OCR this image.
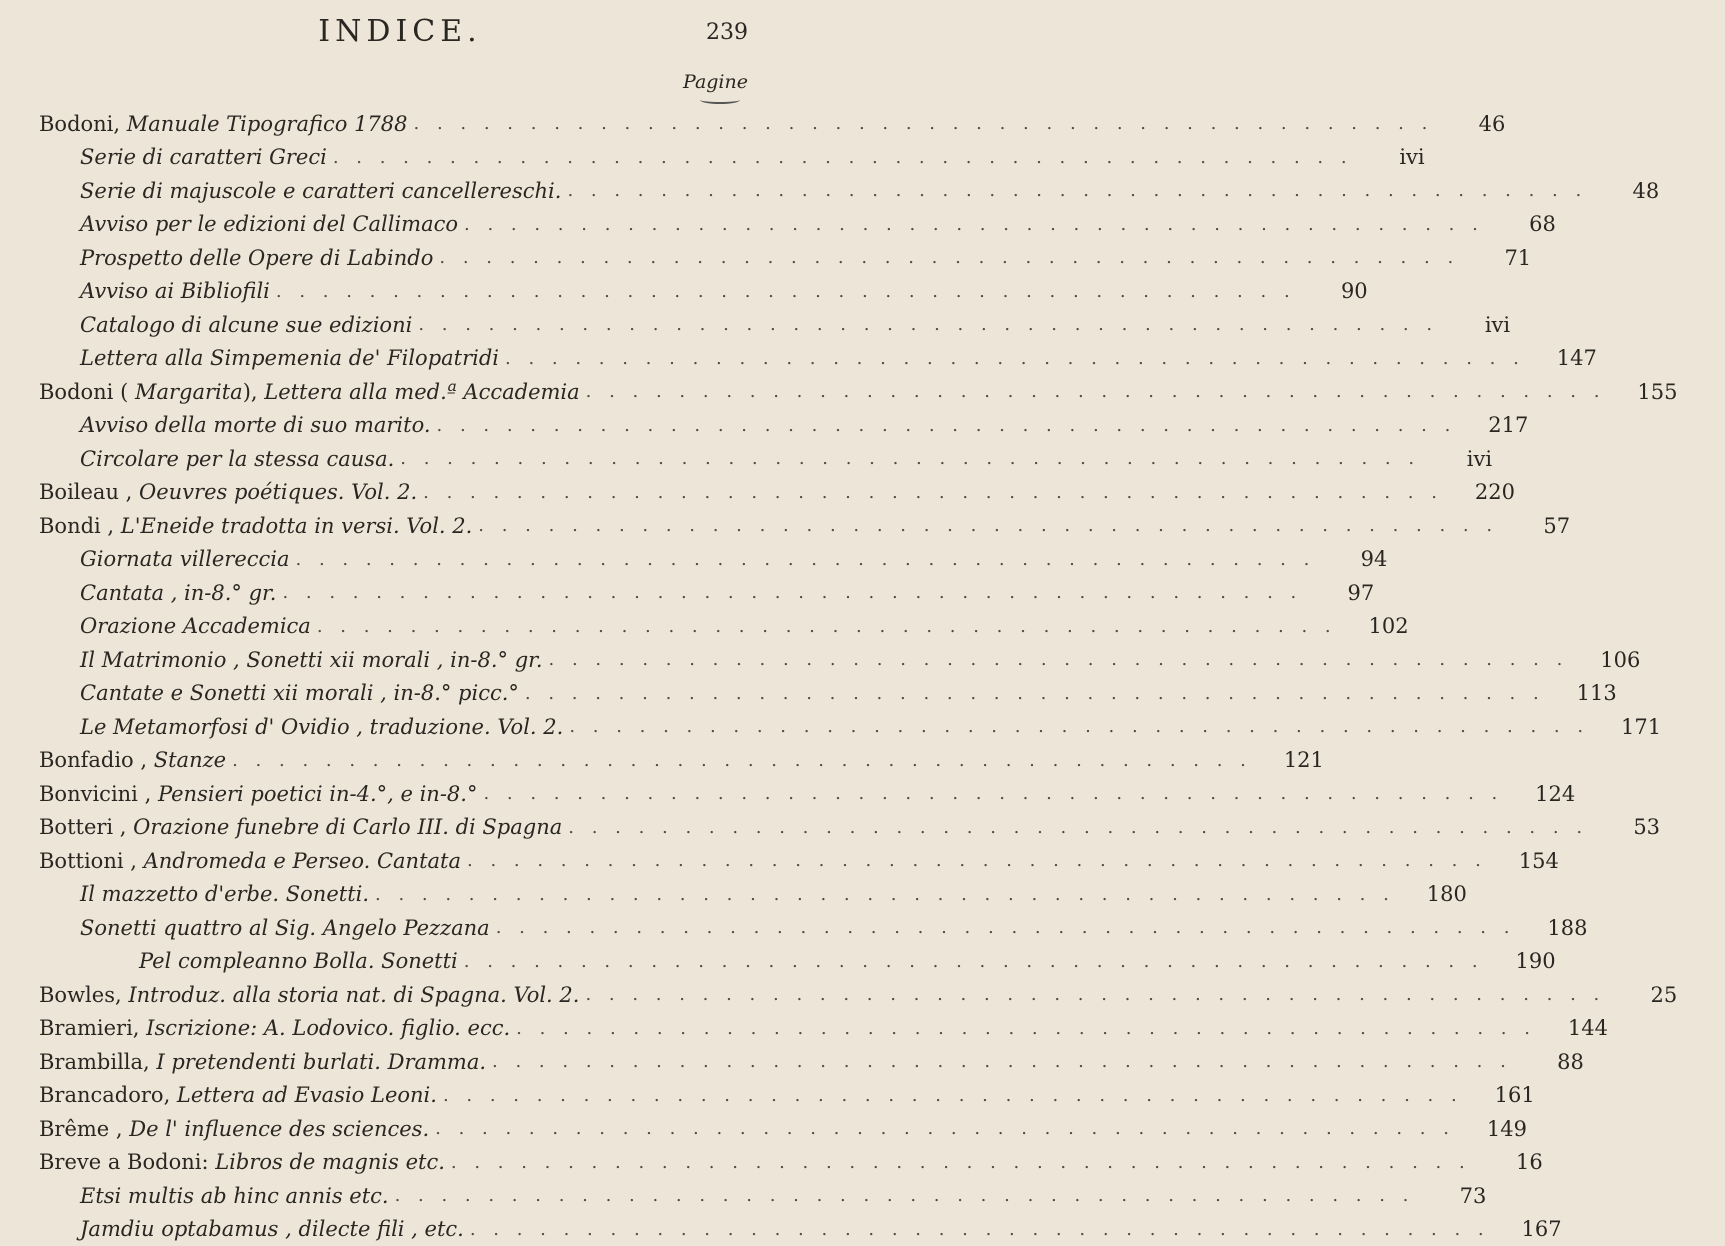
INDICE.	239
Pagine
Bodoni, Manuale Tipografico 1788 . . . . . . . . . . . . . . . . . . . . . . . . . . . . . . . . . . . . . . . . . . . .	46
Serie di caratteri Greci . . . . . . . . . . . . . . . . . . . . . . . . . . . . . . . . . . . . . . . . . . . .	ivi
Serie di majuscole e caratteri cancellereschi. . . . . . . . . . . . . . . . . . . . . . . . . . . . . . . . . . . . . . . . . . . . .	48
Avviso per le edizioni del Callimaco . . . . . . . . . . . . . . . . . . . . . . . . . . . . . . . . . . . . . . . . . . . .	68
Prospetto delle Opere di Labindo . . . . . . . . . . . . . . . . . . . . . . . . . . . . . . . . . . . . . . . . . . . .	71
Avviso ai Bibliofili . . . . . . . . . . . . . . . . . . . . . . . . . . . . . . . . . . . . . . . . . . . .	90
Catalogo di alcune sue edizioni . . . . . . . . . . . . . . . . . . . . . . . . . . . . . . . . . . . . . . . . . . . .	ivi
Lettera alla Simpemenia de' Filopatridi . . . . . . . . . . . . . . . . . . . . . . . . . . . . . . . . . . . . . . . . . . . .	147
Bodoni ( Margarita), Lettera alla med.ª Accademia . . . . . . . . . . . . . . . . . . . . . . . . . . . . . . . . . . . . . . . . . . . .	155
Avviso della morte di suo marito. . . . . . . . . . . . . . . . . . . . . . . . . . . . . . . . . . . . . . . . . . . . .	217
Circolare per la stessa causa. . . . . . . . . . . . . . . . . . . . . . . . . . . . . . . . . . . . . . . . . . . . .	ivi
Boileau , Oeuvres poétiques. Vol. 2. . . . . . . . . . . . . . . . . . . . . . . . . . . . . . . . . . . . . . . . . . . . .	220
Bondi , L'Eneide tradotta in versi. Vol. 2. . . . . . . . . . . . . . . . . . . . . . . . . . . . . . . . . . . . . . . . . . . . .	57
Giornata villereccia . . . . . . . . . . . . . . . . . . . . . . . . . . . . . . . . . . . . . . . . . . . .	94
Cantata , in-8.° gr. . . . . . . . . . . . . . . . . . . . . . . . . . . . . . . . . . . . . . . . . . . . .	97
Orazione Accademica . . . . . . . . . . . . . . . . . . . . . . . . . . . . . . . . . . . . . . . . . . . .	102
Il Matrimonio , Sonetti xii morali , in-8.° gr. . . . . . . . . . . . . . . . . . . . . . . . . . . . . . . . . . . . . . . . . . . . .	106
Cantate e Sonetti xii morali , in-8.° picc.° . . . . . . . . . . . . . . . . . . . . . . . . . . . . . . . . . . . . . . . . . . . .	113
Le Metamorfosi d' Ovidio , traduzione. Vol. 2. . . . . . . . . . . . . . . . . . . . . . . . . . . . . . . . . . . . . . . . . . . . .	171
Bonfadio , Stanze . . . . . . . . . . . . . . . . . . . . . . . . . . . . . . . . . . . . . . . . . . . .	121
Bonvicini , Pensieri poetici in-4.°, e in-8.° . . . . . . . . . . . . . . . . . . . . . . . . . . . . . . . . . . . . . . . . . . . .	124
Botteri , Orazione funebre di Carlo III. di Spagna . . . . . . . . . . . . . . . . . . . . . . . . . . . . . . . . . . . . . . . . . . . .	53
Bottioni , Andromeda e Perseo. Cantata . . . . . . . . . . . . . . . . . . . . . . . . . . . . . . . . . . . . . . . . . . . .	154
Il mazzetto d'erbe. Sonetti. . . . . . . . . . . . . . . . . . . . . . . . . . . . . . . . . . . . . . . . . . . . .	180
Sonetti quattro al Sig. Angelo Pezzana . . . . . . . . . . . . . . . . . . . . . . . . . . . . . . . . . . . . . . . . . . . .	188
Pel compleanno Bolla. Sonetti . . . . . . . . . . . . . . . . . . . . . . . . . . . . . . . . . . . . . . . . . . . .	190
Bowles, Introduz. alla storia nat. di Spagna. Vol. 2. . . . . . . . . . . . . . . . . . . . . . . . . . . . . . . . . . . . . . . . . . . . .	25
Bramieri, Iscrizione: A. Lodovico. figlio. ecc. . . . . . . . . . . . . . . . . . . . . . . . . . . . . . . . . . . . . . . . . . . . .	144
Brambilla, I pretendenti burlati. Dramma. . . . . . . . . . . . . . . . . . . . . . . . . . . . . . . . . . . . . . . . . . . . .	88
Brancadoro, Lettera ad Evasio Leoni. . . . . . . . . . . . . . . . . . . . . . . . . . . . . . . . . . . . . . . . . . . . .	161
Brême , De l' influence des sciences. . . . . . . . . . . . . . . . . . . . . . . . . . . . . . . . . . . . . . . . . . . . .	149
Breve a Bodoni: Libros de magnis etc. . . . . . . . . . . . . . . . . . . . . . . . . . . . . . . . . . . . . . . . . . . . .	16
Etsi multis ab hinc annis etc. . . . . . . . . . . . . . . . . . . . . . . . . . . . . . . . . . . . . . . . . . . . .	73
Jamdiu optabamus , dilecte fili , etc. . . . . . . . . . . . . . . . . . . . . . . . . . . . . . . . . . . . . . . . . . . . .	167
